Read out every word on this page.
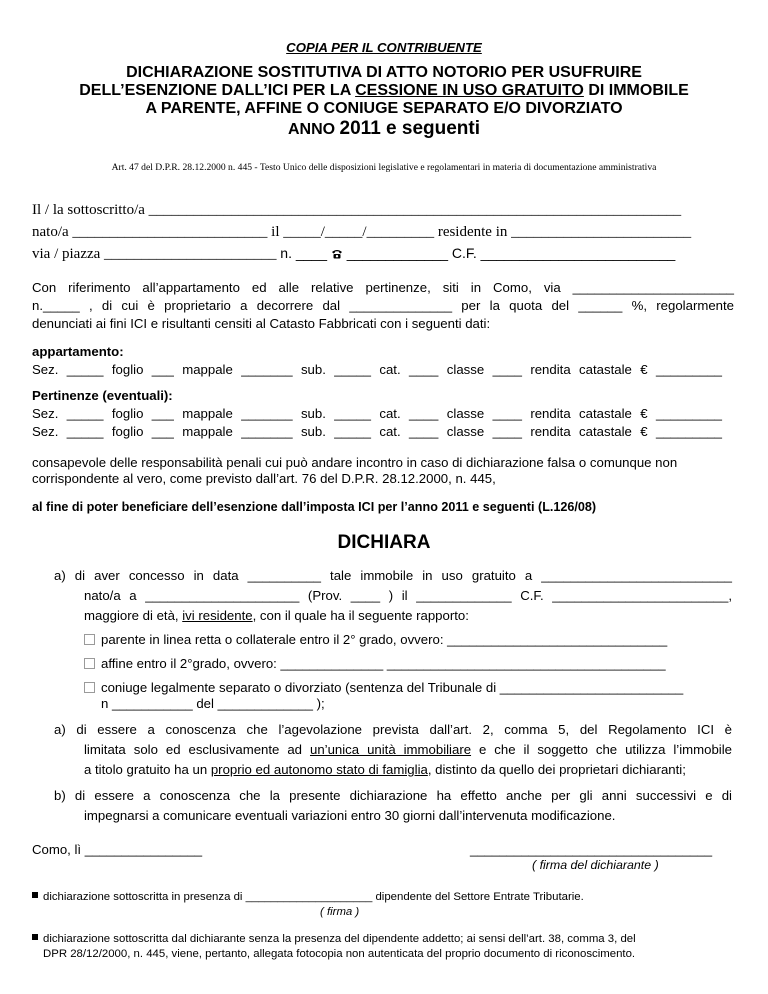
COPIA PER IL CONTRIBUENTE
DICHIARAZIONE SOSTITUTIVA DI ATTO NOTORIO PER USUFRUIRE
DELL’ESENZIONE DALL’ICI PER LA CESSIONE IN USO GRATUITO DI IMMOBILE
A PARENTE, AFFINE O CONIUGE SEPARATO E/O DIVORZIATO
ANNO 2011 e seguenti
Art. 47 del D.P.R. 28.12.2000 n. 445 - Testo Unico delle disposizioni legislative e regolamentari in materia di documentazione amministrativa
Il / la sottoscritto/a _______________________________________________________________________
nato/a __________________________ il _____/_____/_________ residente in ________________________
via / piazza _______________________ n. ____  _____________ C.F. _________________________
Con riferimento all’appartamento ed alle relative pertinenze, siti in Como, via ______________________
n._____ , di cui è proprietario a decorrere dal ______________ per la quota del ______ %, regolarmente
denunciati ai fini ICI e risultanti censiti al Catasto Fabbricati con i seguenti dati:
appartamento:
Sez. _____ foglio ___ mappale _______ sub. _____ cat. ____ classe ____ rendita catastale € _________
Pertinenze (eventuali):
Sez. _____ foglio ___ mappale _______ sub. _____ cat. ____ classe ____ rendita catastale € _________
Sez. _____ foglio ___ mappale _______ sub. _____ cat. ____ classe ____ rendita catastale € _________
consapevole delle responsabilità penali cui può andare incontro in caso di dichiarazione falsa o comunque non
corrispondente al vero, come previsto dall’art. 76 del D.P.R. 28.12.2000, n. 445,
al fine di poter beneficiare dell’esenzione dall’imposta ICI per l’anno 2011 e seguenti (L.126/08)
DICHIARA
a) di aver concesso in data __________ tale immobile in uso gratuito a __________________________
nato/a a _____________________ (Prov. ____ ) il _____________ C.F. ________________________,
maggiore di età, ivi residente, con il quale ha il seguente rapporto:
parente in linea retta o collaterale entro il 2° grado, ovvero: ______________________________
affine entro il 2°grado, ovvero: ______________ ______________________________________
coniuge legalmente separato o divorziato (sentenza del Tribunale di _________________________
n ___________ del _____________ );
a) di essere a conoscenza che l’agevolazione prevista dall’art. 2, comma 5, del Regolamento ICI è
limitata solo ed esclusivamente ad un’unica unità immobiliare e che il soggetto che utilizza l’immobile
a titolo gratuito ha un proprio ed autonomo stato di famiglia, distinto da quello dei proprietari dichiaranti;
b) di essere a conoscenza che la presente dichiarazione ha effetto anche per gli anni successivi e di
impegnarsi a comunicare eventuali variazioni entro 30 giorni dall’intervenuta modificazione.
Como, lì ________________	_________________________________
( firma del dichiarante )
dichiarazione sottoscritta in presenza di ____________________ dipendente del Settore Entrate Tributarie.
( firma )
dichiarazione sottoscritta dal dichiarante senza la presenza del dipendente addetto; ai sensi dell’art. 38, comma 3, del
DPR 28/12/2000, n. 445, viene, pertanto, allegata fotocopia non autenticata del proprio documento di riconoscimento.
